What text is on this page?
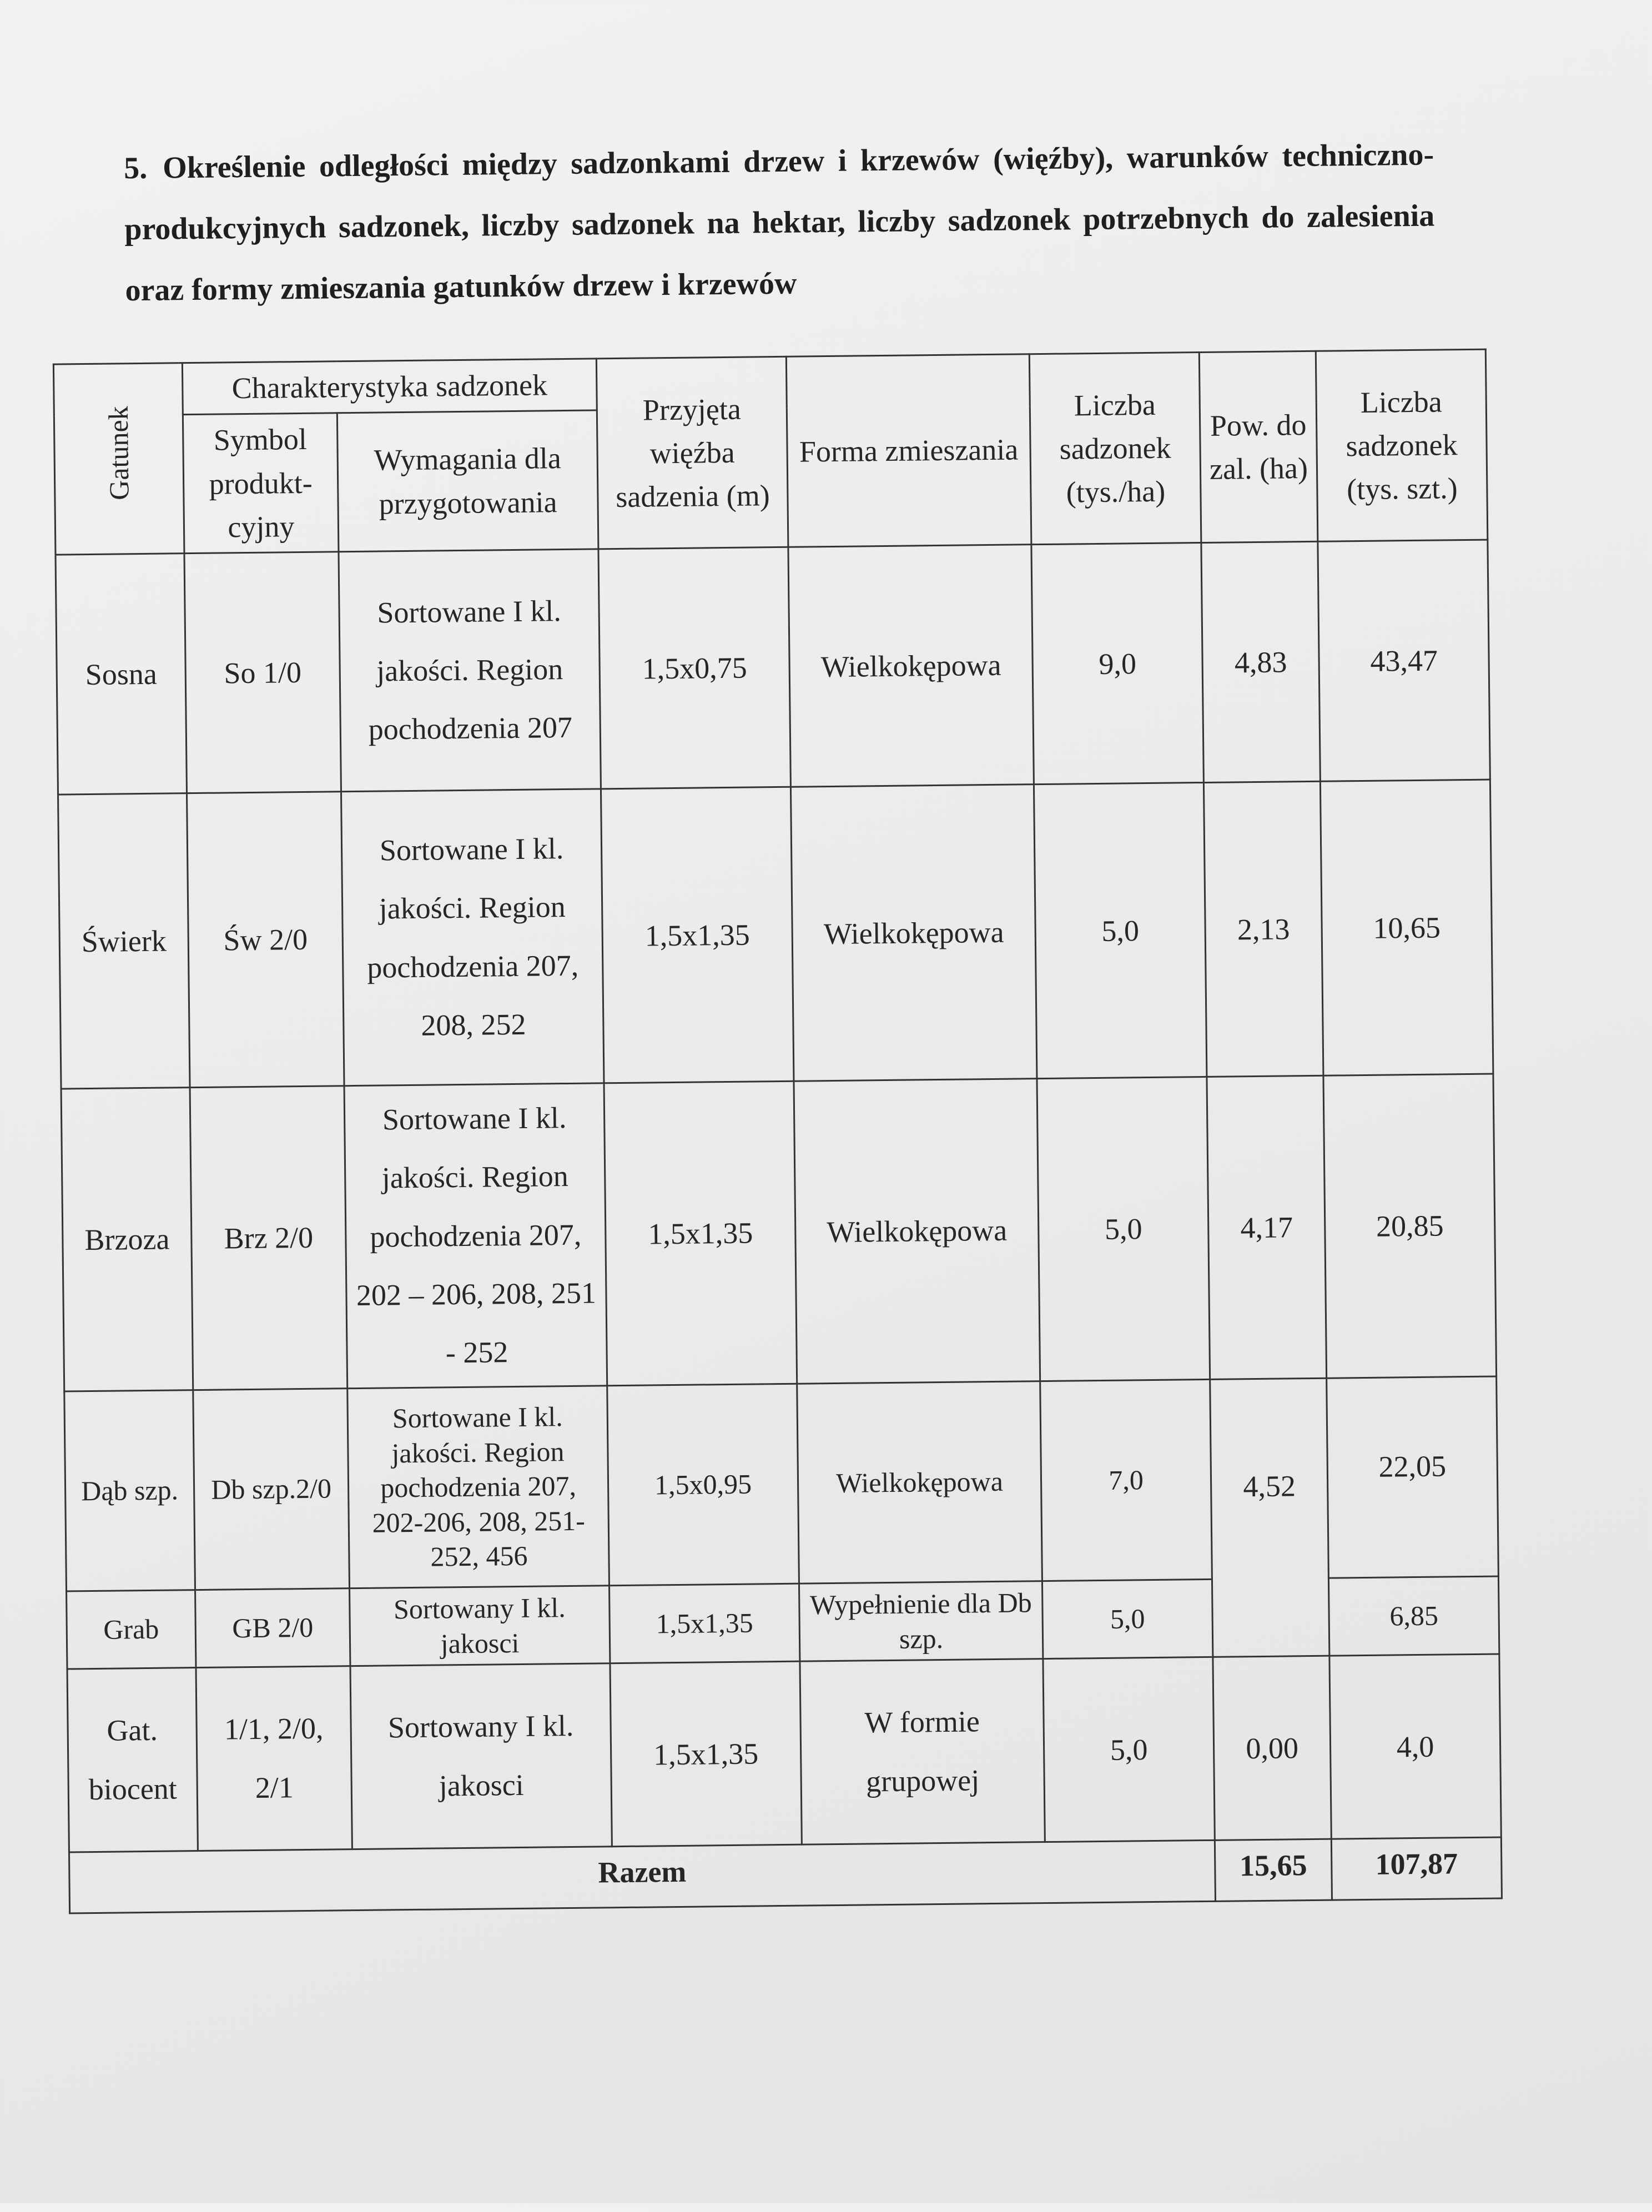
5. Określenie odległości między sadzonkami drzew i krzewów (więźby), warunków techniczno-produkcyjnych sadzonek, liczby sadzonek na hektar, liczby sadzonek potrzebnych do zalesienia oraz formy zmieszania gatunków drzew i krzewów
Gatunek	Charakterystyka sadzonek		Przyjęta więźba sadzenia (m)	Forma zmieszania	Liczba sadzonek (tys./ha)	Pow. do zal. (ha)	Liczba sadzonek (tys. szt.)
	Symbol produkt-cyjny	Wymagania dla przygotowania					
Sosna	So 1/0	Sortowane I kl. jakości. Region pochodzenia 207	1,5x0,75	Wielkokępowa	9,0	4,83	43,47
Świerk	Św 2/0	Sortowane I kl. jakości. Region pochodzenia 207, 208, 252	1,5x1,35	Wielkokępowa	5,0	2,13	10,65
Brzoza	Brz 2/0	Sortowane I kl. jakości. Region pochodzenia 207, 202 – 206, 208, 251 - 252	1,5x1,35	Wielkokępowa	5,0	4,17	20,85
Dąb szp.	Db szp.2/0	Sortowane I kl. jakości. Region pochodzenia 207, 202-206, 208, 251-252, 456	1,5x0,95	Wielkokępowa	7,0	4,52	22,05
Grab	GB 2/0	Sortowany I kl. jakosci	1,5x1,35	Wypełnienie dla Db szp.	5,0		6,85
Gat. biocent	1/1, 2/0, 2/1	Sortowany I kl. jakosci	1,5x1,35	W formie grupowej	5,0	0,00	4,0
Razem						15,65	107,87
